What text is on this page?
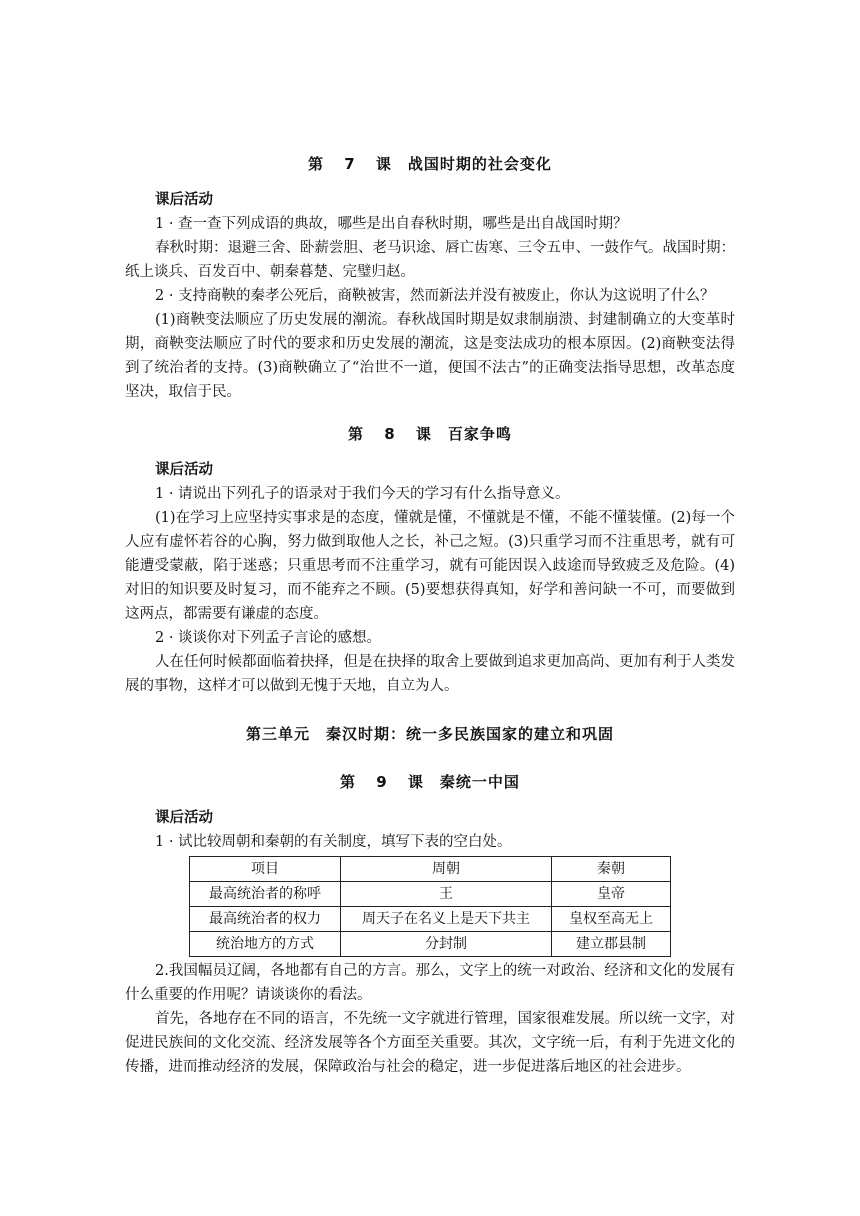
第 7 课　战国时期的社会变化
课后活动

1 · 查一查下列成语的典故，哪些是出自春秋时期，哪些是出自战国时期？

春秋时期：退避三舍、卧薪尝胆、老马识途、唇亡齿寒、三令五申、一鼓作气。战国时期：纸上谈兵、百发百中、朝秦暮楚、完璧归赵。

2 · 支持商鞅的秦孝公死后，商鞅被害，然而新法并没有被废止，你认为这说明了什么？

(1)商鞅变法顺应了历史发展的潮流。春秋战国时期是奴隶制崩溃、封建制确立的大变革时期，商鞅变法顺应了时代的要求和历史发展的潮流，这是变法成功的根本原因。(2)商鞅变法得到了统治者的支持。(3)商鞅确立了“治世不一道，便国不法古”的正确变法指导思想，改革态度坚决，取信于民。

第 8 课　百家争鸣
课后活动

1 · 请说出下列孔子的语录对于我们今天的学习有什么指导意义。

(1)在学习上应坚持实事求是的态度，懂就是懂，不懂就是不懂，不能不懂装懂。(2)每一个人应有虚怀若谷的心胸，努力做到取他人之长，补己之短。(3)只重学习而不注重思考，就有可能遭受蒙蔽，陷于迷惑；只重思考而不注重学习，就有可能因误入歧途而导致疲乏及危险。(4)对旧的知识要及时复习，而不能弃之不顾。(5)要想获得真知，好学和善问缺一不可，而要做到这两点，都需要有谦虚的态度。

2 · 谈谈你对下列孟子言论的感想。

人在任何时候都面临着抉择，但是在抉择的取舍上要做到追求更加高尚、更加有利于人类发展的事物，这样才可以做到无愧于天地，自立为人。

第三单元　秦汉时期：统一多民族国家的建立和巩固
第 9 课　秦统一中国
课后活动

1 · 试比较周朝和秦朝的有关制度，填写下表的空白处。

项目	周朝	秦朝
最高统治者的称呼	王	皇帝
最高统治者的权力	周天子在名义上是天下共主	皇权至高无上
统治地方的方式	分封制	建立郡县制

2.我国幅员辽阔，各地都有自己的方言。那么，文字上的统一对政治、经济和文化的发展有什么重要的作用呢？请谈谈你的看法。

首先，各地存在不同的语言，不先统一文字就进行管理，国家很难发展。所以统一文字，对促进民族间的文化交流、经济发展等各个方面至关重要。其次，文字统一后，有利于先进文化的传播，进而推动经济的发展，保障政治与社会的稳定，进一步促进落后地区的社会进步。
